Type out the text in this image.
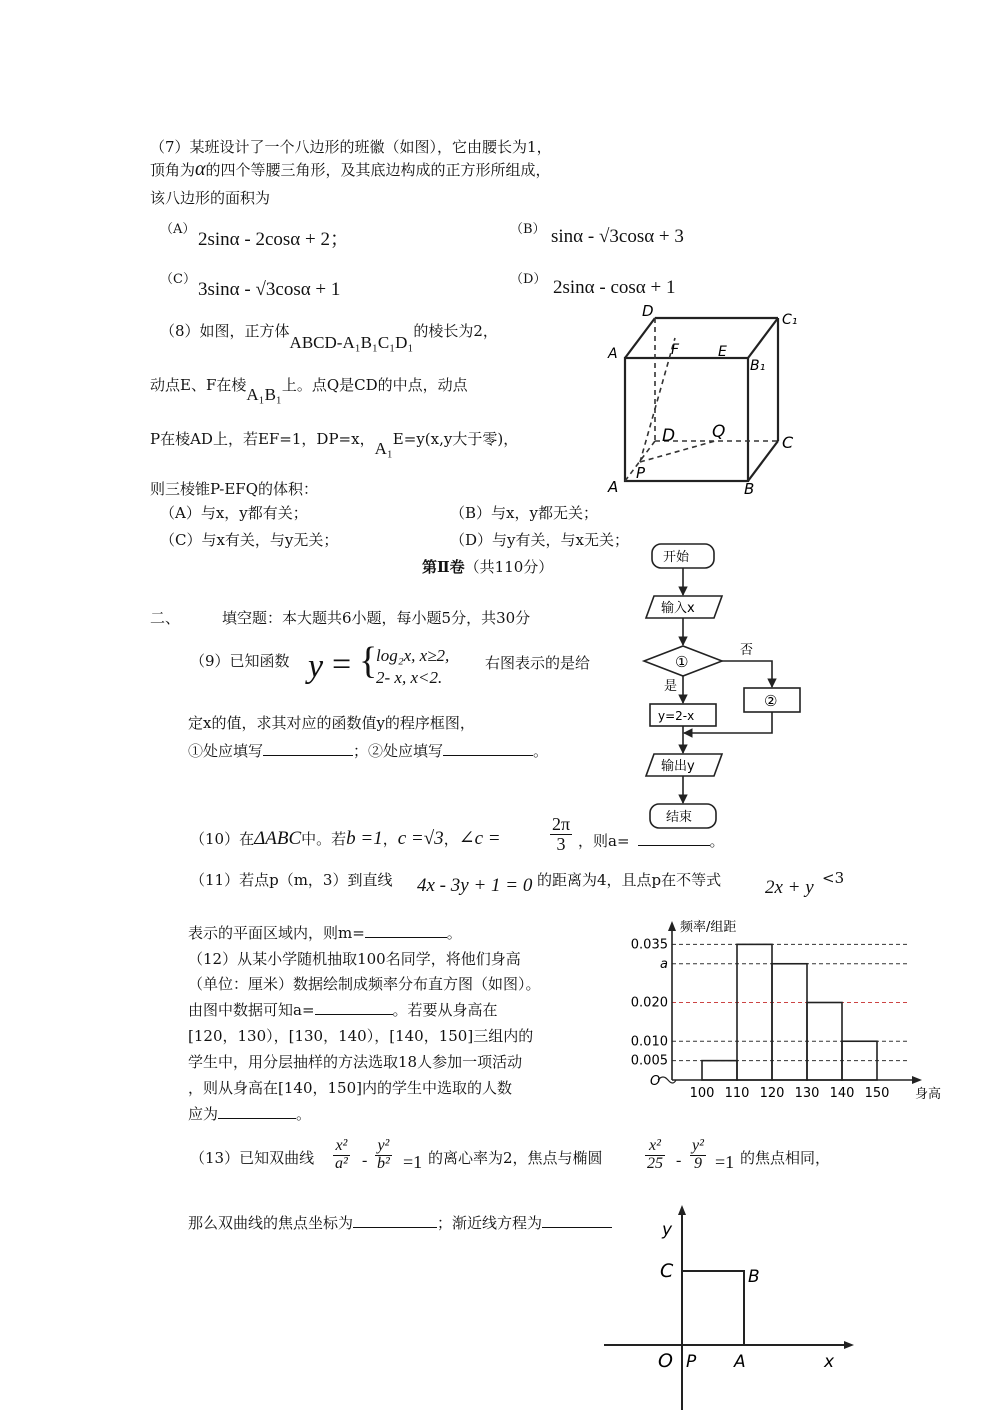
（7）某班设计了一个八边形的班徽（如图），它由腰长为1，
顶角为α的四个等腰三角形，及其底边构成的正方形所组成，
该八边形的面积为
（A） 2sinα - 2cosα + 2；	（B） sinα - √3cosα + 3
（C） 3sinα - √3cosα + 1	（D） 2sinα - cosα + 1
（8）如图，正方体ABCD-A₁B₁C₁D₁的棱长为2，
动点E、F在棱A₁B₁上。点Q是CD的中点，动点
P在棱AD上，若EF=1，DP=x，A₁E=y(x,y大于零)，
则三棱锥P-EFQ的体积：
（A）与x，y都有关；	（B）与x，y都无关；
（C）与x有关，与y无关；	（D）与y有关，与x无关；
D	C₁
F	E
B₁
A
D Q
C
A
P
B
第Ⅱ卷（共110分）
二、	填空题：本大题共6小题，每小题5分，共30分
（9）已知函数 y = {
log₂x, x≥2,
2- x, x<2.
右图表示的是给
定x的值，求其对应的函数值y的程序框图，
①处应填写	；②处应填写	。
开始
输入x
①
否
是
②
y=2-x
输出y
结束
（10）在ΔABC中。若b =1，c =√3，∠c =	$\frac{2\pi}{3}$ ，则a=	。
（11）若点p（m，3）到直线 4x - 3y + 1 = 0 的距离为4，且点p在不等式 2x + y <3
表示的平面区域内，则m=	。
（12）从某小学随机抽取100名同学，将他们身高
（单位：厘米）数据绘制成频率分布直方图（如图）。
由图中数据可知a=	。若要从身高在
[120，130），[130，140），[140，150]三组内的
学生中，用分层抽样的方法选取18人参加一项活动
，则从身高在[140，150]内的学生中选取的人数
应为	。
频率/组距
身高
O
0.035
a
0.020
0.010
0.005
100 110 120 130 140 150
（13）已知双曲线 $\frac{\text{x²}}{\text{a²}} - \frac{\text{y²}}{\text{b²}} =1$ 的离心率为2，焦点与椭圆	$\frac{\text{x²}}{25} - \frac{\text{y²}}{9} =1$ 的焦点相同，
那么双曲线的焦点坐标为	；渐近线方程为	y
x
C	B
O P A
